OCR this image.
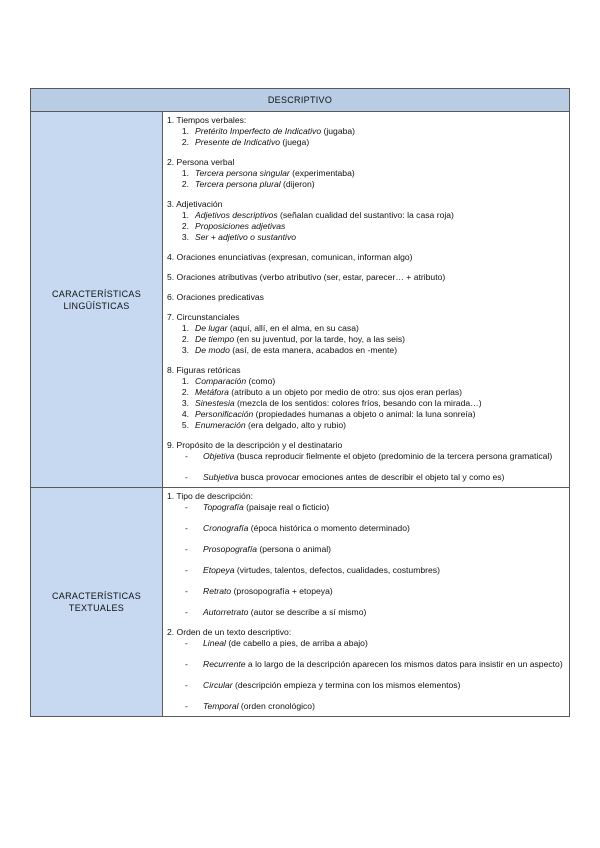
DESCRIPTIVO
CARACTERÍSTICAS LINGÜÍSTICAS
1. Tiempos verbales:
1. Pretérito Imperfecto de Indicativo (jugaba)
2. Presente de Indicativo (juega)
2. Persona verbal
1. Tercera persona singular (experimentaba)
2. Tercera persona plural (dijeron)
3. Adjetivación
1. Adjetivos descriptivos (señalan cualidad del sustantivo: la casa roja)
2. Proposiciones adjetivas
3. Ser + adjetivo o sustantivo
4. Oraciones enunciativas (expresan, comunican, informan algo)
5. Oraciones atributivas (verbo atributivo (ser, estar, parecer… + atributo)
6. Oraciones predicativas
7. Circunstanciales
1. De lugar (aquí, allí, en el alma, en su casa)
2. De tiempo (en su juventud, por la tarde, hoy, a las seis)
3. De modo (así, de esta manera, acabados en -mente)
8. Figuras retóricas
1. Comparación (como)
2. Metáfora (atributo a un objeto por medio de otro: sus ojos eran perlas)
3. Sinestesia (mezcla de los sentidos: colores fríos, besando con la mirada…)
4. Personificación (propiedades humanas a objeto o animal: la luna sonreía)
5. Enumeración (era delgado, alto y rubio)
9. Propósito de la descripción y el destinatario
-	Objetiva (busca reproducir fielmente el objeto (predominio de la tercera persona gramatical)
-	Subjetiva busca provocar emociones antes de describir el objeto tal y como es)
CARACTERÍSTICAS TEXTUALES
1. Tipo de descripción:
-	Topografía (paisaje real o ficticio)
-	Cronografía (época histórica o momento determinado)
-	Prosopografía (persona o animal)
-	Etopeya (virtudes, talentos, defectos, cualidades, costumbres)
-	Retrato (prosopografía + etopeya)
-	Autorretrato (autor se describe a sí mismo)
2. Orden de un texto descriptivo:
-	Lineal (de cabello a pies, de arriba a abajo)
-	Recurrente a lo largo de la descripción aparecen los mismos datos para insistir en un aspecto)
-	Circular (descripción empieza y termina con los mismos elementos)
-	Temporal (orden cronológico)
